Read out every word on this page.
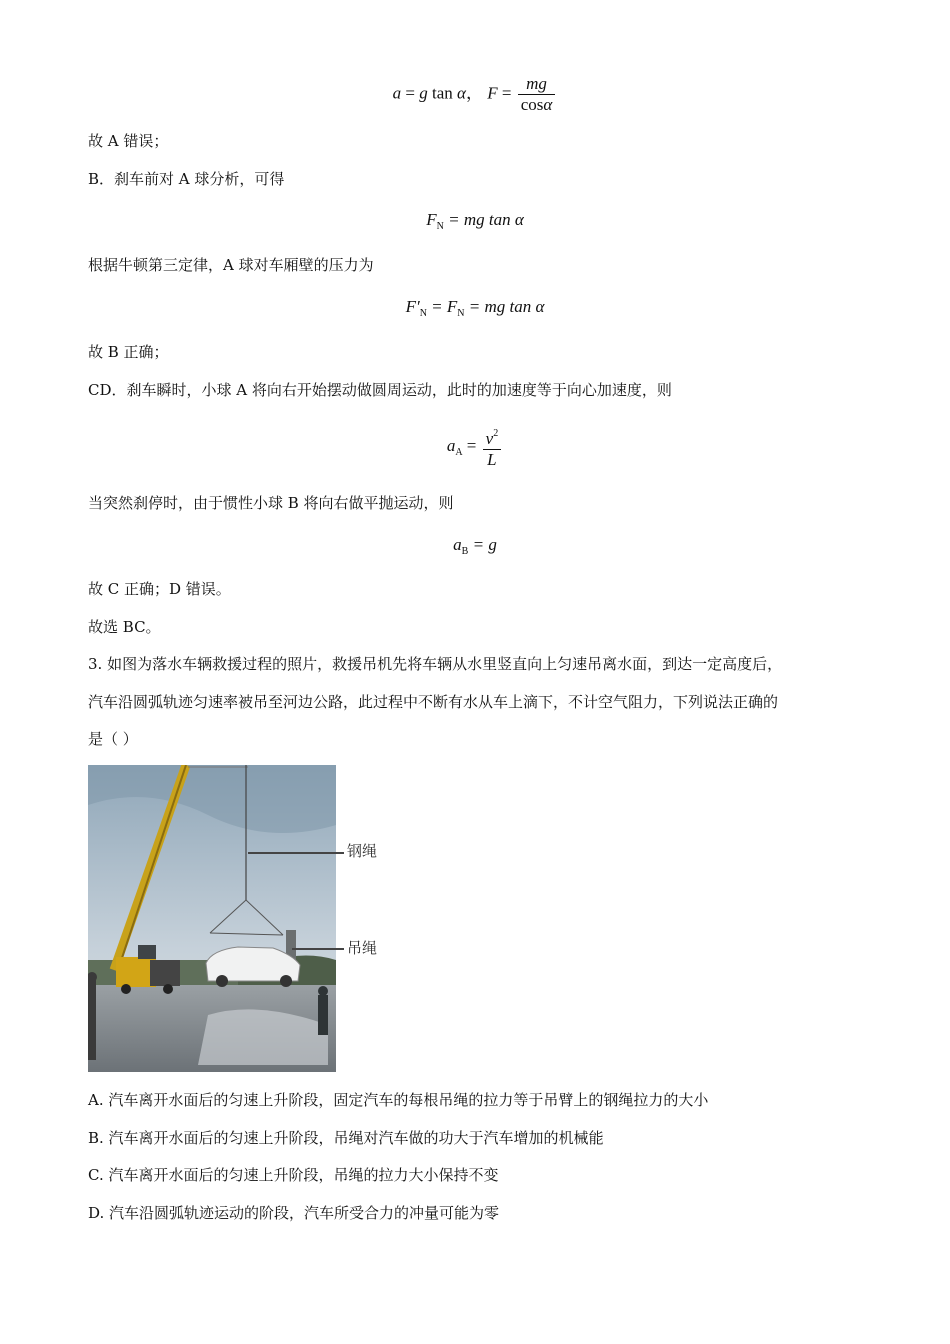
a = g tan α， $F = \frac{mg}{\cos\alpha}$
故 A 错误；
B．刹车前对 A 球分析，可得
$F_N$ = mg tan α
根据牛顿第三定律，A 球对车厢壁的压力为
$F'_N = F_N$ = mg tan α
故 B 正确；
CD．刹车瞬时，小球 A 将向右开始摆动做圆周运动，此时的加速度等于向心加速度，则
$a_A = \frac{v^2}{L}$
当突然刹停时，由于惯性小球 B 将向右做平抛运动，则
$a_B = g$
故 C 正确；D 错误。
故选 BC。
3. 如图为落水车辆救援过程的照片，救援吊机先将车辆从水里竖直向上匀速吊离水面，到达一定高度后，
汽车沿圆弧轨迹匀速率被吊至河边公路，此过程中不断有水从车上滴下，不计空气阻力，下列说法正确的
是（ ）
钢绳
吊绳
A. 汽车离开水面后的匀速上升阶段，固定汽车的每根吊绳的拉力等于吊臂上的钢绳拉力的大小
B. 汽车离开水面后的匀速上升阶段，吊绳对汽车做的功大于汽车增加的机械能
C. 汽车离开水面后的匀速上升阶段，吊绳的拉力大小保持不变
D. 汽车沿圆弧轨迹运动的阶段，汽车所受合力的冲量可能为零
